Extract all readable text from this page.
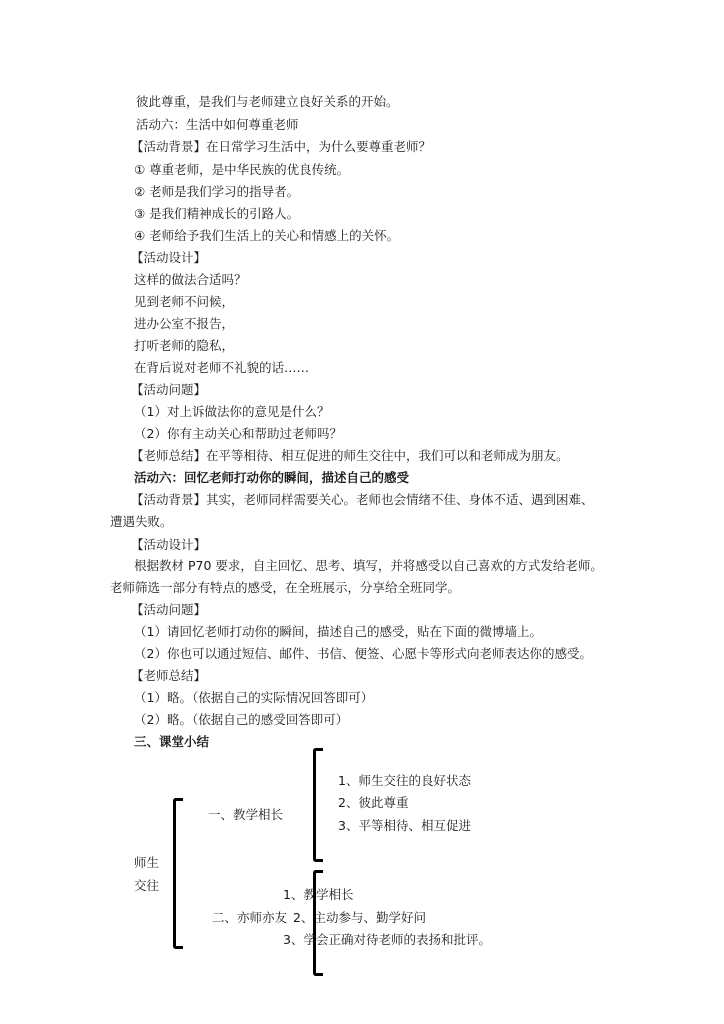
彼此尊重，是我们与老师建立良好关系的开始。
活动六：生活中如何尊重老师
【活动背景】在日常学习生活中，为什么要尊重老师？
① 尊重老师，是中华民族的优良传统。
② 老师是我们学习的指导者。
③ 是我们精神成长的引路人。
④ 老师给予我们生活上的关心和情感上的关怀。
【活动设计】
这样的做法合适吗？
见到老师不问候，
进办公室不报告，
打听老师的隐私，
在背后说对老师不礼貌的话……
【活动问题】
（1）对上诉做法你的意见是什么？
（2）你有主动关心和帮助过老师吗？
【老师总结】在平等相待、相互促进的师生交往中，我们可以和老师成为朋友。
活动六：回忆老师打动你的瞬间，描述自己的感受
【活动背景】其实，老师同样需要关心。老师也会情绪不佳、身体不适、遇到困难、
遭遇失败。
【活动设计】
根据教材 P70 要求，自主回忆、思考、填写，并将感受以自己喜欢的方式发给老师。
老师筛选一部分有特点的感受，在全班展示，分享给全班同学。
【活动问题】
（1）请回忆老师打动你的瞬间，描述自己的感受，贴在下面的微博墙上。
（2）你也可以通过短信、邮件、书信、便签、心愿卡等形式向老师表达你的感受。
【老师总结】
（1）略。（依据自己的实际情况回答即可）
（2）略。（依据自己的感受回答即可）
三、课堂小结
师生
交往
一、教学相长
1、师生交往的良好状态
2、彼此尊重
3、平等相待、相互促进
二、亦师亦友
1、教学相长
2、主动参与、勤学好问
3、学会正确对待老师的表扬和批评。
